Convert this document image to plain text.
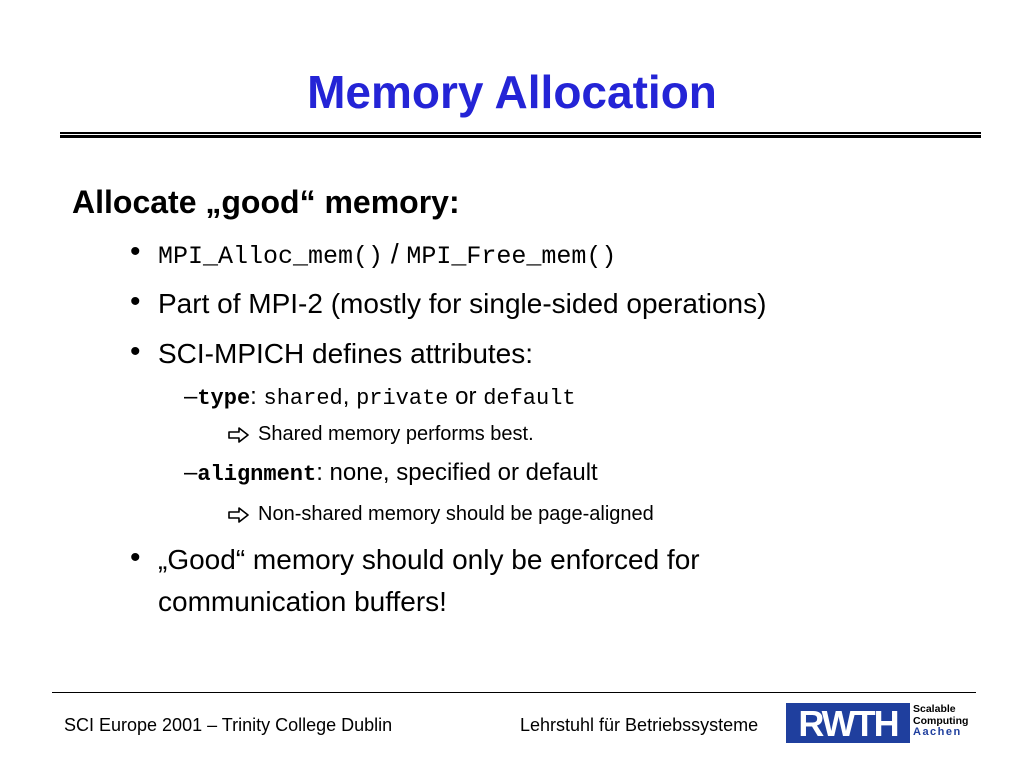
Memory Allocation
Allocate „good“ memory:
• MPI_Alloc_mem() / MPI_Free_mem()
• Part of MPI-2 (mostly for single-sided operations)
• SCI-MPICH defines attributes:
–type: shared, private or default
Shared memory performs best.
–alignment: none, specified or default
Non-shared memory should be page-aligned
• „Good“ memory should only be enforced for
communication buffers!
SCI Europe 2001 – Trinity College Dublin	Lehrstuhl für Betriebssysteme RWTH Scalable
Computing
Aachen
